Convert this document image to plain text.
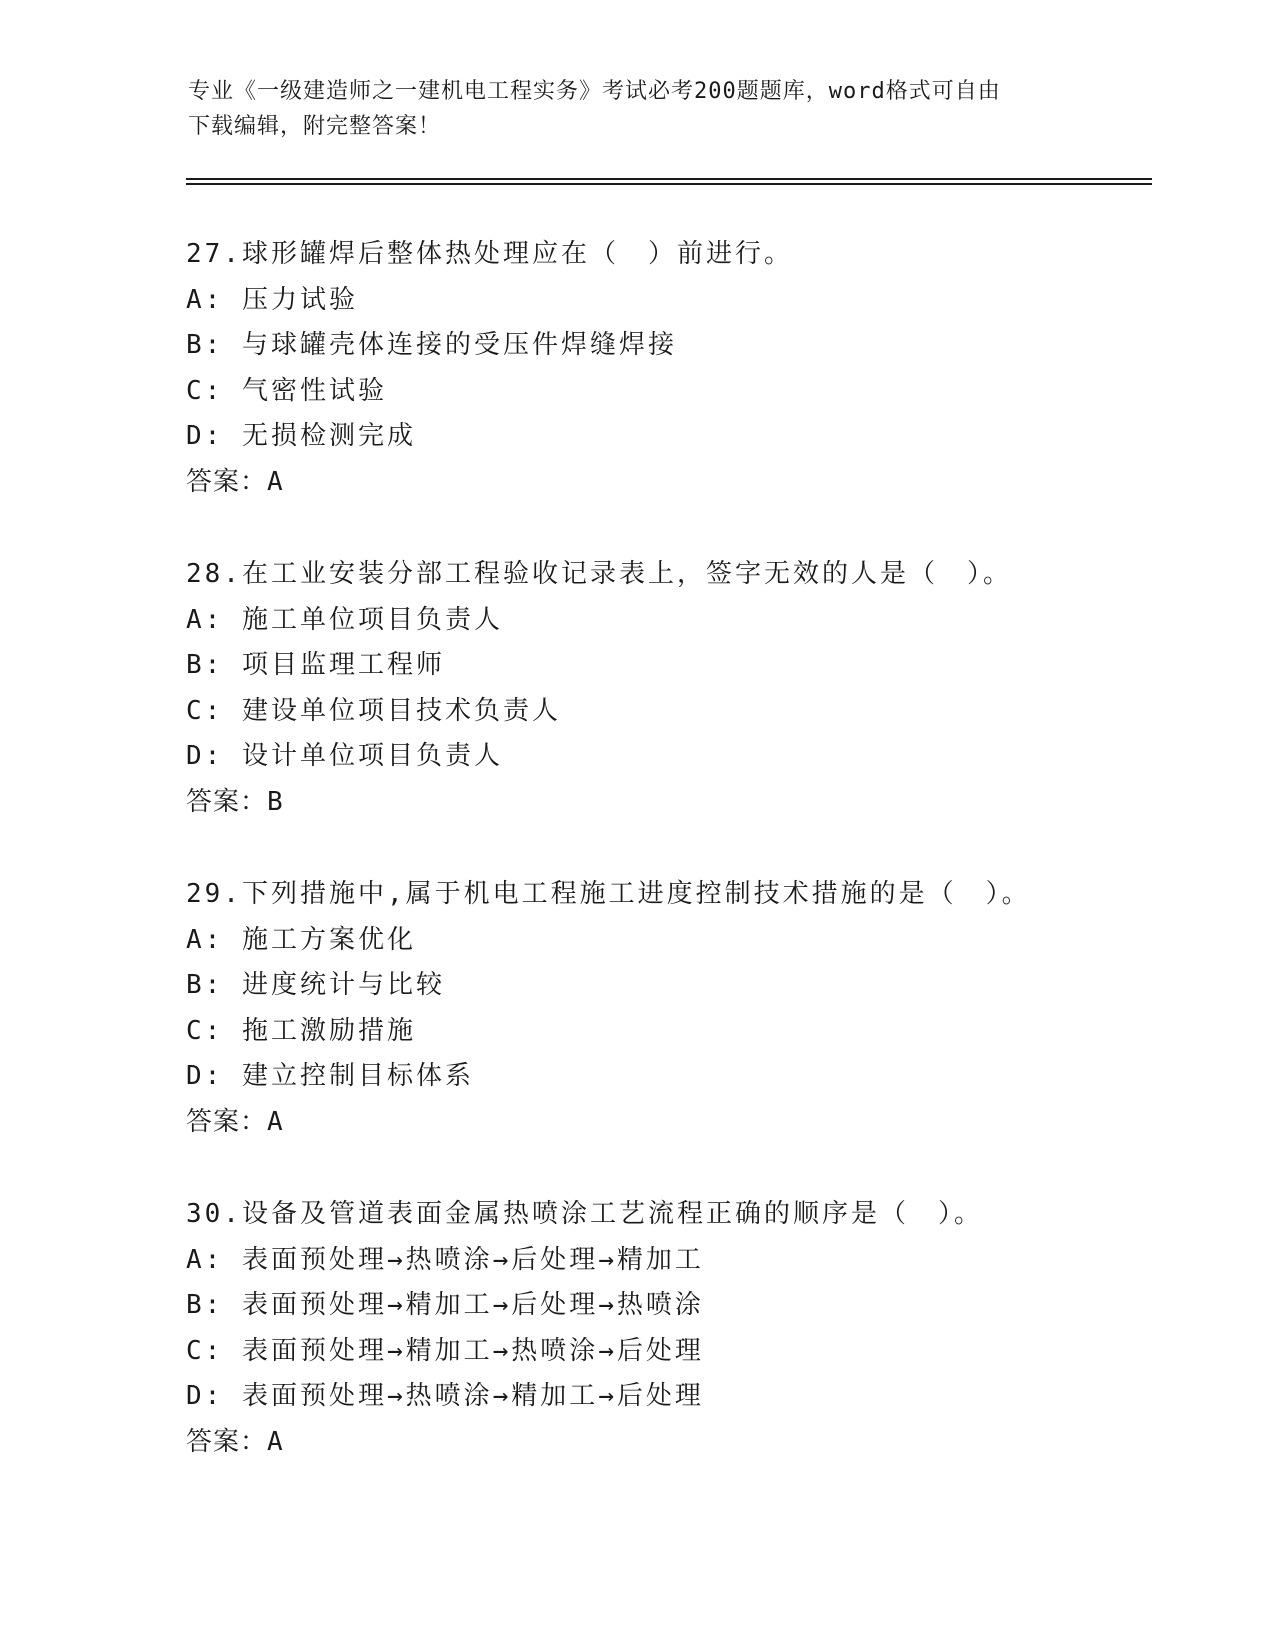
专业《一级建造师之一建机电工程实务》考试必考200题题库，word格式可自由
下载编辑，附完整答案！
27.球形罐焊后整体热处理应在（　）前进行。
A: 压力试验
B: 与球罐壳体连接的受压件焊缝焊接
C: 气密性试验
D: 无损检测完成
答案：A
28.在工业安装分部工程验收记录表上，签字无效的人是（　）。
A: 施工单位项目负责人
B: 项目监理工程师
C: 建设单位项目技术负责人
D: 设计单位项目负责人
答案：B
29.下列措施中,属于机电工程施工进度控制技术措施的是（　）。
A: 施工方案优化
B: 进度统计与比较
C: 拖工激励措施
D: 建立控制目标体系
答案：A
30.设备及管道表面金属热喷涂工艺流程正确的顺序是（　）。
A: 表面预处理→热喷涂→后处理→精加工
B: 表面预处理→精加工→后处理→热喷涂
C: 表面预处理→精加工→热喷涂→后处理
D: 表面预处理→热喷涂→精加工→后处理
答案：A
